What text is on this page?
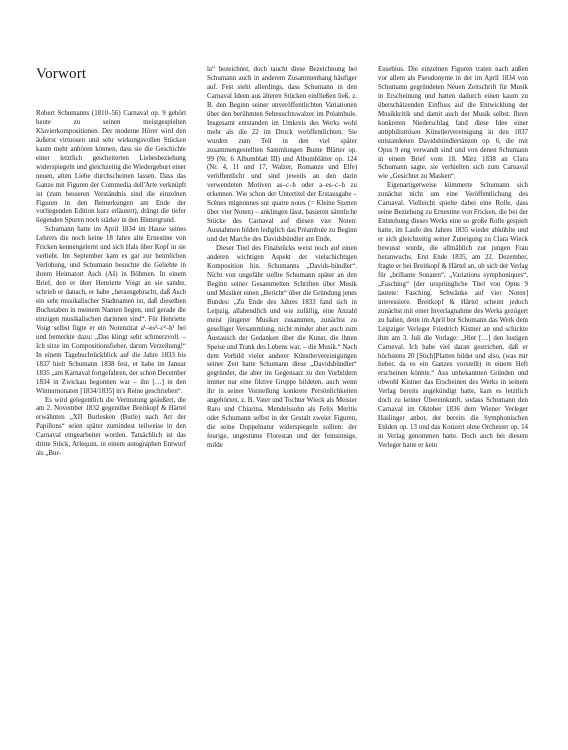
Vorwort

Robert Schumanns (1810–56) Carnaval op. 9 gehört heute zu seinen meistgespielten Klavierkompositionen. Der moderne Hörer wird den äußerst virtuosen und sehr wirkungsvollen Stücken kaum mehr anhören können, dass sie die Geschichte einer letztlich gescheiterten Liebesbeziehung widerspiegeln und gleichzeitig die Wiedergeburt einer neuen, alten Liebe durchscheinen lassen. Dass das Ganze mit Figuren der Commedia dell'Arte verknüpft ist (zum besseren Verständnis sind die einzelnen Figuren in den Bemerkungen am Ende der vorliegenden Edition kurz erläutert), drängt die tiefer liegenden Spuren noch stärker in den Hintergrund.

Schumann hatte im April 1834 im Hause seines Lehrers die noch keine 18 Jahre alte Ernestine von Fricken kennengelernt und sich Hals über Kopf in sie verliebt. Im September kam es gar zur heimlichen Verlobung, und Schumann besuchte die Geliebte in ihrem Heimatort Asch (Aš) in Böhmen. In einem Brief, den er über Henriette Voigt an sie sandte, schrieb er danach, er habe „herausgebracht, daß Asch ein sehr musikalischer Stadtnamen ist, daß dieselben Buchstaben in meinem Namen liegen, und gerade die einzigen musikalischen darinnen sind“. Für Henriette Voigt selbst fügte er ein Notenzitat a¹–es²–c²–h¹ bei und bemerkte dazu: „Das klingt sehr schmerzvoll. – Ich sitze im Compositionsfieber, darum Verzeihung!“ In einem Tagebuchrückblick auf die Jahre 1833 bis 1837 hielt Schumann 1838 fest, er habe im Januar 1835 „am Karnaval fortgefahren, der schon December 1834 in Zwickau begonnen war – ihn […] in den Wintermonaten [1834/1835] in's Reine geschrieben“.

Es wird gelegentlich die Vermutung geäußert, die am 2. November 1832 gegenüber Breitkopf & Härtel erwähnten „XII Burlesken (Burle) nach Art der Papillons“ seien später zumindest teilweise in den Carnaval eingearbeitet worden. Tatsächlich ist das dritte Stück, Arlequin, in einem autographen Entwurf als „Bur-

la“ bezeichnet, doch taucht diese Bezeichnung bei Schumann auch in anderem Zusammenhang häufiger auf. Fest steht allerdings, dass Schumann in den Carnaval Ideen aus älteren Stücken einfließen ließ, z. B. den Beginn seiner unveröffentlichten Variationen über den berühmten Sehnsuchtswalzer im Préambule. Insgesamt entstanden im Umkreis des Werks wohl mehr als die 22 im Druck veröffentlichten. Sie wurden zum Teil in den viel später zusammengestellten Sammlungen Bunte Blätter op. 99 (Nr. 6 Albumblatt III) und Albumblätter op. 124 (Nr. 4, 11 und 17, Walzer, Romanze und Elfe) veröffentlicht und sind jeweils an den darin verwendeten Motiven as–c–h oder a–es–c–h zu erkennen. Wie schon der Untertitel der Erstausgabe – Scènes mignonnes sur quatre notes (= Kleine Szenen über vier Noten) – anklingen lässt, basieren sämtliche Stücke des Carnaval auf diesen vier Noten: Ausnahmen bilden lediglich das Préambule zu Beginn und der Marche des Davidsbündler am Ende.

Dieser Titel des Finalstücks weist noch auf einen anderen wichtigen Aspekt der vielschichtigen Komposition hin. Schumanns „Davids-bündler“. Nicht von ungefähr stellte Schumann später an den Beginn seiner Gesammelten Schriften über Musik und Musiker einen „Bericht“ über die Gründung jenes Bundes: „Zu Ende des Jahres 1833 fand sich in Leipzig, allabendlich und wie zufällig, eine Anzahl meist jüngerer Musiker zusammen, zunächst zu geselliger Versammlung, nicht minder aber auch zum Austausch der Gedanken über die Kunst, die ihnen Speise und Trank des Lebens war, – die Musik.“ Nach dem Vorbild vieler anderer Künstlervereinigungen seiner Zeit hatte Schumann diese „Davidsbündler“ gegründet, die aber im Gegensatz zu den Vorbildern immer nur eine fiktive Gruppe bildeten, auch wenn ihr in seiner Vorstellung konkrete Persönlichkeiten angehörten, z. B. Vater und Tochter Wieck als Meister Raro und Chiarina, Mendelssohn als Felix Meritis oder Schumann selbst in der Gestalt zweier Figuren, die seine Doppelnatur widerspiegeln sollten: der feurige, ungestüme Florestan und der feinsinnige, milde

Eusebius. Die einzelnen Figuren traten nach außen vor allem als Pseudonyme in der im April 1834 von Schumann gegründeten Neuen Zeitschrift für Musik in Erscheinung und hatten dadurch einen kaum zu überschätzenden Einfluss auf die Entwicklung der Musikkritik und damit auch der Musik selbst. Ihren konkreten Niederschlag fand diese Idee einer antiphiliströsen Künstlervereinigung in den 1837 entstandenen Davidsbündlertänzen op. 6, die mit Opus 9 eng verwandt sind und von denen Schumann in einem Brief vom 18. März 1838 an Clara Schumann sagte, sie verhielten sich zum Carnaval wie „Gesichter zu Masken“.

Eigenartigerweise kümmerte Schumann sich zunächst nicht um eine Veröffentlichung des Carnaval. Vielleicht spielte dabei eine Rolle, dass seine Beziehung zu Ernestine von Fricken, die bei der Entstehung dieses Werks eine so große Rolle gespielt hatte, im Laufe des Jahres 1835 wieder abkühlte und er sich gleichzeitig seiner Zuneigung zu Clara Wieck bewusst wurde, die allmählich zur jungen Frau heranwuchs. Erst Ende 1835, am 22. Dezember, fragte er bei Breitkopf & Härtel an, ob sich der Verlag für „brillante Sonaten“, „Variations symphoniques“, „Fasching“ [der ursprüngliche Titel von Opus 9 lautete: Fasching. Schwänke auf vier Noten] interessiere. Breitkopf & Härtel scheint jedoch zunächst mit einer Inverlagnahme des Werks gezögert zu haben, denn im April bot Schumann das Werk dem Leipziger Verleger Friedrich Kistner an und schickte ihm am 3. Juli die Vorlage: „Hier […] den lustigen Carneval. Ich habe viel daran gestrichen, daß er höchstens 20 [Stich]Platten bildet und also, (was mir lieber, da es ein Ganzes vorstellt) in einem Heft erscheinen könnte.“ Aus unbekannten Gründen und obwohl Kistner das Erscheinen des Werks in seinem Verlag bereits angekündigt hatte, kam es letztlich doch zu keiner Übereinkunft, sodass Schumann den Carnaval im Oktober 1836 dem Wiener Verleger Haslinger anbot, der bereits die Symphonischen Etüden op. 13 und das Konzert ohne Orchester op. 14 in Verlag genommen hatte. Doch auch bei diesem Verleger hatte er kein
